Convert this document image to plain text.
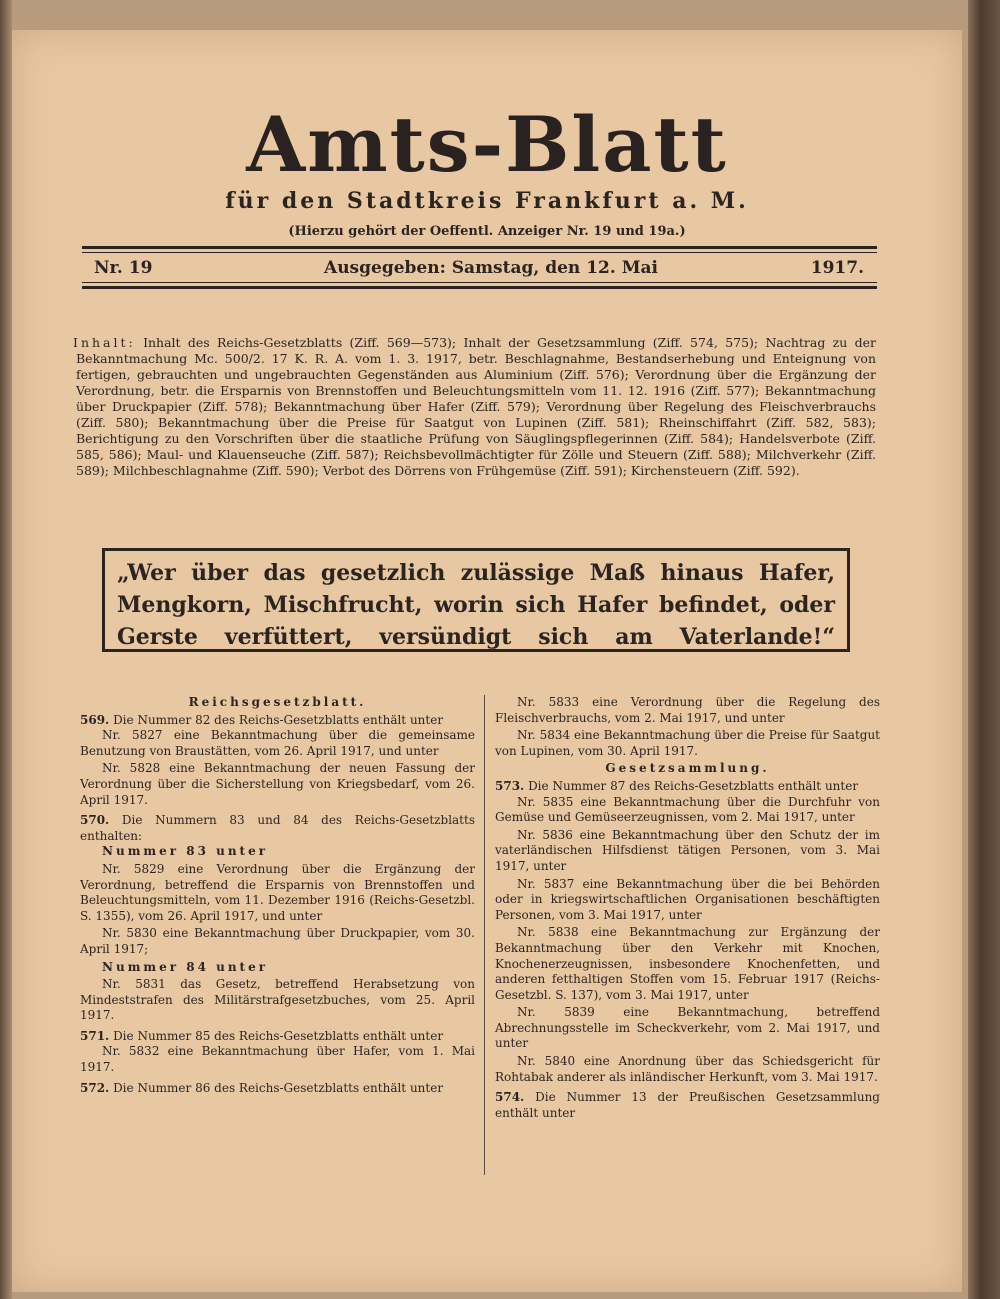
Amts-Blatt
für den Stadtkreis Frankfurt a. M.
(Hierzu gehört der Oeffentl. Anzeiger Nr. 19 und 19a.)
Nr. 19	Ausgegeben: Samstag, den 12. Mai	1917.
Inhalt: Inhalt des Reichs-Gesetzblatts (Ziff. 569—573); Inhalt der Gesetzsammlung (Ziff. 574, 575); Nachtrag zu der Bekanntmachung Mc. 500/2. 17 K. R. A. vom 1. 3. 1917, betr. Beschlagnahme, Bestandserhebung und Enteignung von fertigen, gebrauchten und ungebrauchten Gegenständen aus Aluminium (Ziff. 576); Verordnung über die Ergänzung der Verordnung, betr. die Ersparnis von Brennstoffen und Beleuchtungsmitteln vom 11. 12. 1916 (Ziff. 577); Bekanntmachung über Druckpapier (Ziff. 578); Bekanntmachung über Hafer (Ziff. 579); Verordnung über Regelung des Fleischverbrauchs (Ziff. 580); Bekanntmachung über die Preise für Saatgut von Lupinen (Ziff. 581); Rheinschiffahrt (Ziff. 582, 583); Berichtigung zu den Vorschriften über die staatliche Prüfung von Säuglingspflegerinnen (Ziff. 584); Handelsverbote (Ziff. 585, 586); Maul- und Klauenseuche (Ziff. 587); Reichsbevollmächtigter für Zölle und Steuern (Ziff. 588); Milchverkehr (Ziff. 589); Milchbeschlagnahme (Ziff. 590); Verbot des Dörrens von Frühgemüse (Ziff. 591); Kirchensteuern (Ziff. 592).
„Wer über das gesetzlich zulässige Maß hinaus Hafer, Mengkorn, Mischfrucht, worin sich Hafer befindet, oder Gerste verfüttert, versündigt sich am Vaterlande!“
Reichsgesetzblatt.
569. Die Nummer 82 des Reichs-Gesetzblatts enthält unter
Nr. 5827 eine Bekanntmachung über die gemeinsame Benutzung von Braustätten, vom 26. April 1917, und unter
Nr. 5828 eine Bekanntmachung der neuen Fassung der Verordnung über die Sicherstellung von Kriegsbedarf, vom 26. April 1917.
570. Die Nummern 83 und 84 des Reichs-Gesetzblatts enthalten:
Nummer 83 unter
Nr. 5829 eine Verordnung über die Ergänzung der Verordnung, betreffend die Ersparnis von Brennstoffen und Beleuchtungsmitteln, vom 11. Dezember 1916 (Reichs-Gesetzbl. S. 1355), vom 26. April 1917, und unter
Nr. 5830 eine Bekanntmachung über Druckpapier, vom 30. April 1917;
Nummer 84 unter
Nr. 5831 das Gesetz, betreffend Herabsetzung von Mindeststrafen des Militärstrafgesetzbuches, vom 25. April 1917.
571. Die Nummer 85 des Reichs-Gesetzblatts enthält unter
Nr. 5832 eine Bekanntmachung über Hafer, vom 1. Mai 1917.
572. Die Nummer 86 des Reichs-Gesetzblatts enthält unter
Nr. 5833 eine Verordnung über die Regelung des Fleischverbrauchs, vom 2. Mai 1917, und unter
Nr. 5834 eine Bekanntmachung über die Preise für Saatgut von Lupinen, vom 30. April 1917.
Gesetzsammlung.
573. Die Nummer 87 des Reichs-Gesetzblatts enthält unter
Nr. 5835 eine Bekanntmachung über die Durchfuhr von Gemüse und Gemüseerzeugnissen, vom 2. Mai 1917, unter
Nr. 5836 eine Bekanntmachung über den Schutz der im vaterländischen Hilfsdienst tätigen Personen, vom 3. Mai 1917, unter
Nr. 5837 eine Bekanntmachung über die bei Behörden oder in kriegswirtschaftlichen Organisationen beschäftigten Personen, vom 3. Mai 1917, unter
Nr. 5838 eine Bekanntmachung zur Ergänzung der Bekanntmachung über den Verkehr mit Knochen, Knochenerzeugnissen, insbesondere Knochenfetten, und anderen fetthaltigen Stoffen vom 15. Februar 1917 (Reichs-Gesetzbl. S. 137), vom 3. Mai 1917, unter
Nr. 5839 eine Bekanntmachung, betreffend Abrechnungsstelle im Scheckverkehr, vom 2. Mai 1917, und unter
Nr. 5840 eine Anordnung über das Schiedsgericht für Rohtabak anderer als inländischer Herkunft, vom 3. Mai 1917.
574. Die Nummer 13 der Preußischen Gesetzsammlung enthält unter
